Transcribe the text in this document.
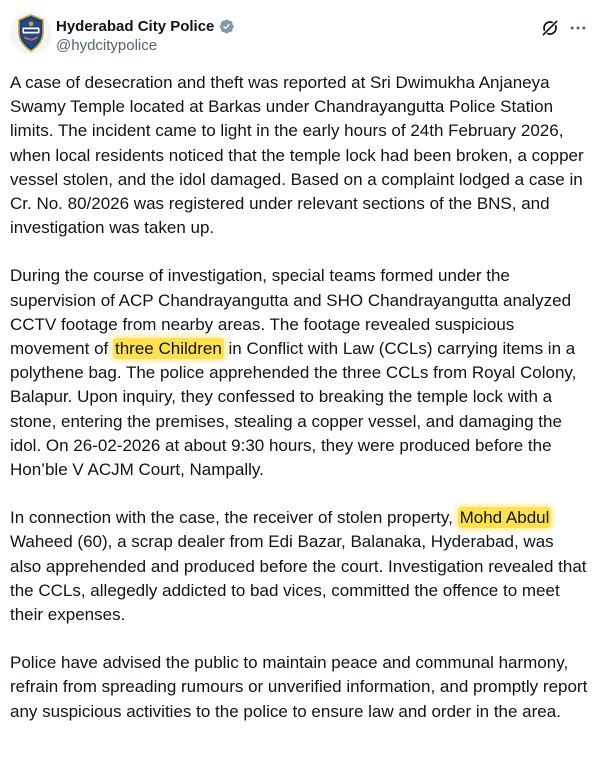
Hyderabad City Police
@hydcitypolice

A case of desecration and theft was reported at Sri Dwimukha Anjaneya Swamy Temple located at Barkas under Chandrayangutta Police Station limits. The incident came to light in the early hours of 24th February 2026, when local residents noticed that the temple lock had been broken, a copper vessel stolen, and the idol damaged. Based on a complaint lodged a case in Cr. No. 80/2026 was registered under relevant sections of the BNS, and investigation was taken up.

During the course of investigation, special teams formed under the supervision of ACP Chandrayangutta and SHO Chandrayangutta analyzed CCTV footage from nearby areas. The footage revealed suspicious movement of three Children in Conflict with Law (CCLs) carrying items in a polythene bag. The police apprehended the three CCLs from Royal Colony, Balapur. Upon inquiry, they confessed to breaking the temple lock with a stone, entering the premises, stealing a copper vessel, and damaging the idol. On 26-02-2026 at about 9:30 hours, they were produced before the Hon’ble V ACJM Court, Nampally.

In connection with the case, the receiver of stolen property, Mohd Abdul Waheed (60), a scrap dealer from Edi Bazar, Balanaka, Hyderabad, was also apprehended and produced before the court. Investigation revealed that the CCLs, allegedly addicted to bad vices, committed the offence to meet their expenses.

Police have advised the public to maintain peace and communal harmony, refrain from spreading rumours or unverified information, and promptly report any suspicious activities to the police to ensure law and order in the area.
